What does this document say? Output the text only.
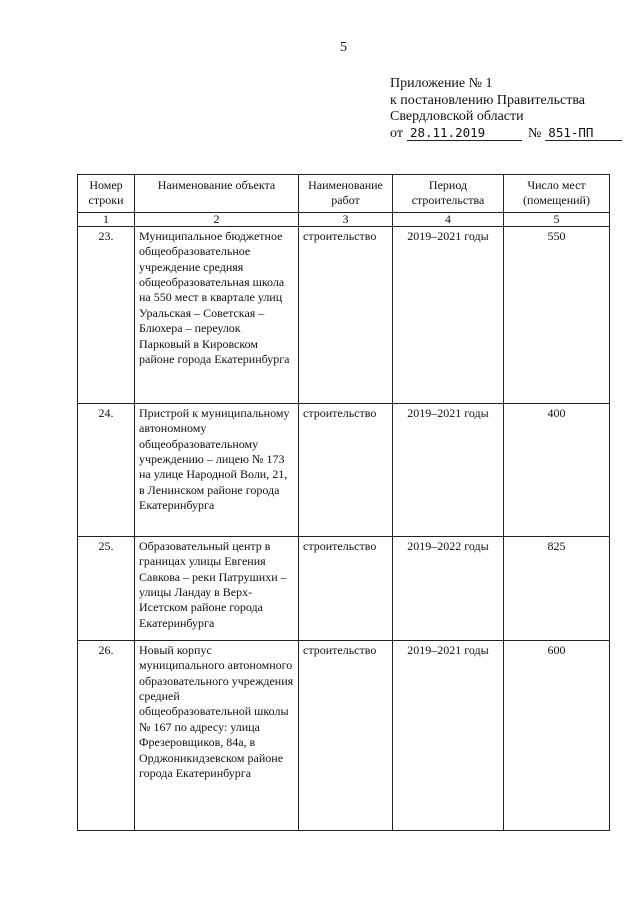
5
Приложение № 1
к постановлению Правительства
Свердловской области
от 28.11.2019	№ 851-ПП
Номер строки	Наименование объекта	Наименование работ	Период строительства	Число мест (помещений)
1	2	3	4	5
23.	Муниципальное бюджетное общеобразовательное учреждение средняя общеобразовательная школа на 550 мест в квартале улиц Уральская – Советская – Блюхера – переулок Парковый в Кировском районе города Екатеринбурга	строительство	2019–2021 годы	550
24.	Пристрой к муниципальному автономному общеобразовательному учреждению – лицею № 173 на улице Народной Воли, 21, в Ленинском районе города Екатеринбурга	строительство	2019–2021 годы	400
25.	Образовательный центр в границах улицы Евгения Савкова – реки Патрушихи – улицы Ландау в Верх-Исетском районе города Екатеринбурга	строительство	2019–2022 годы	825
26.	Новый корпус муниципального автономного образовательного учреждения средней общеобразовательной школы № 167 по адресу: улица Фрезеровщиков, 84а, в Орджоникидзевском районе города Екатеринбурга	строительство	2019–2021 годы	600
